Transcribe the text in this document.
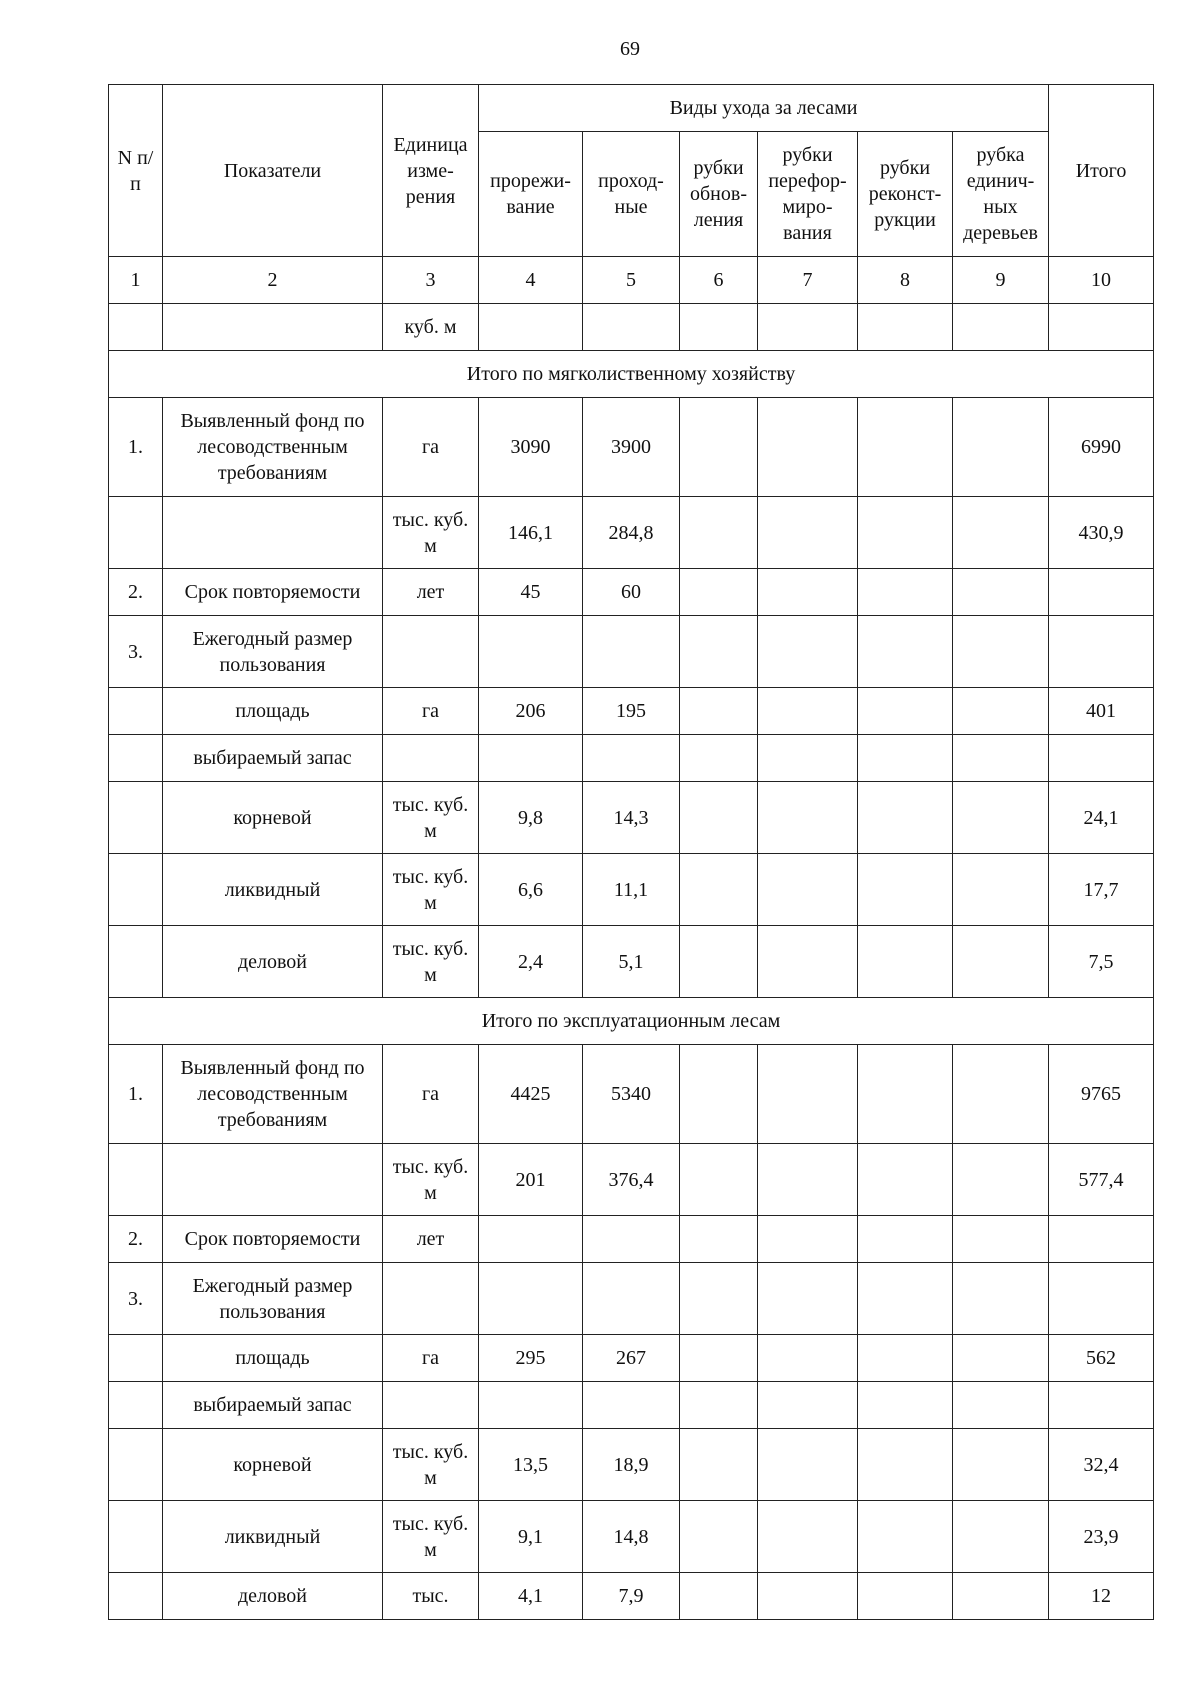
69
N п/п	Показатели	Единица изме-рения	Виды ухода за лесами						Итого
			прорежи-вание	проход-ные	рубки обнов-ления	рубки перефор-миро-вания	рубки реконст-рукции	рубка единич-ных деревьев	
1	2	3	4	5	6	7	8	9	10
		куб. м							
Итого по мягколиственному хозяйству									
1.	Выявленный фонд по лесоводственным требованиям	га	3090	3900					6990
		тыс. куб. м	146,1	284,8					430,9
2.	Срок повторяемости	лет	45	60					
3.	Ежегодный размер пользования								
	площадь	га	206	195					401
	выбираемый запас								
	корневой	тыс. куб. м	9,8	14,3					24,1
	ликвидный	тыс. куб. м	6,6	11,1					17,7
	деловой	тыс. куб. м	2,4	5,1					7,5
Итого по эксплуатационным лесам									
1.	Выявленный фонд по лесоводственным требованиям	га	4425	5340					9765
		тыс. куб. м	201	376,4					577,4
2.	Срок повторяемости	лет							
3.	Ежегодный размер пользования								
	площадь	га	295	267					562
	выбираемый запас								
	корневой	тыс. куб. м	13,5	18,9					32,4
	ликвидный	тыс. куб. м	9,1	14,8					23,9
	деловой	тыс.	4,1	7,9					12
